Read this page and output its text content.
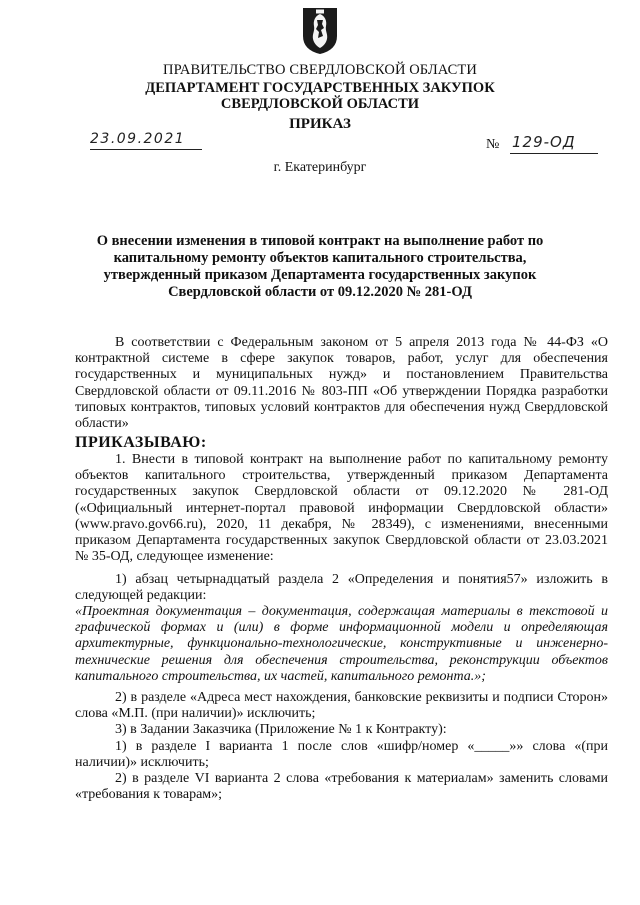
ПРАВИТЕЛЬСТВО СВЕРДЛОВСКОЙ ОБЛАСТИ
ДЕПАРТАМЕНТ ГОСУДАРСТВЕННЫХ ЗАКУПОК
СВЕРДЛОВСКОЙ ОБЛАСТИ
ПРИКАЗ
23.09.2021	№ 129-ОД
г. Екатеринбург
О внесении изменения в типовой контракт на выполнение работ по капитальному ремонту объектов капитального строительства, утвержденный приказом Департамента государственных закупок Свердловской области от 09.12.2020 № 281-ОД
В соответствии с Федеральным законом от 5 апреля 2013 года № 44-ФЗ «О контрактной системе в сфере закупок товаров, работ, услуг для обеспечения государственных и муниципальных нужд» и постановлением Правительства Свердловской области от 09.11.2016 № 803-ПП «Об утверждении Порядка разработки типовых контрактов, типовых условий контрактов для обеспечения нужд Свердловской области»
ПРИКАЗЫВАЮ:
1. Внести в типовой контракт на выполнение работ по капитальному ремонту объектов капитального строительства, утвержденный приказом Департамента государственных закупок Свердловской области от 09.12.2020 № 281-ОД («Официальный интернет-портал правовой информации Свердловской области» (www.pravo.gov66.ru), 2020, 11 декабря, № 28349), с изменениями, внесенными приказом Департамента государственных закупок Свердловской области от 23.03.2021 № 35-ОД, следующее изменение:
1) абзац четырнадцатый раздела 2 «Определения и понятия57» изложить в следующей редакции:
«Проектная документация – документация, содержащая материалы в текстовой и графической формах и (или) в форме информационной модели и определяющая архитектурные, функционально-технологические, конструктивные и инженерно-технические решения для обеспечения строительства, реконструкции объектов капитального строительства, их частей, капитального ремонта.»;
2) в разделе «Адреса мест нахождения, банковские реквизиты и подписи Сторон» слова «М.П. (при наличии)» исключить;
3) в Задании Заказчика (Приложение № 1 к Контракту):
1) в разделе I варианта 1 после слов «шифр/номер «_____»» слова «(при наличии)» исключить;
2) в разделе VI варианта 2 слова «требования к материалам» заменить словами «требования к товарам»;
